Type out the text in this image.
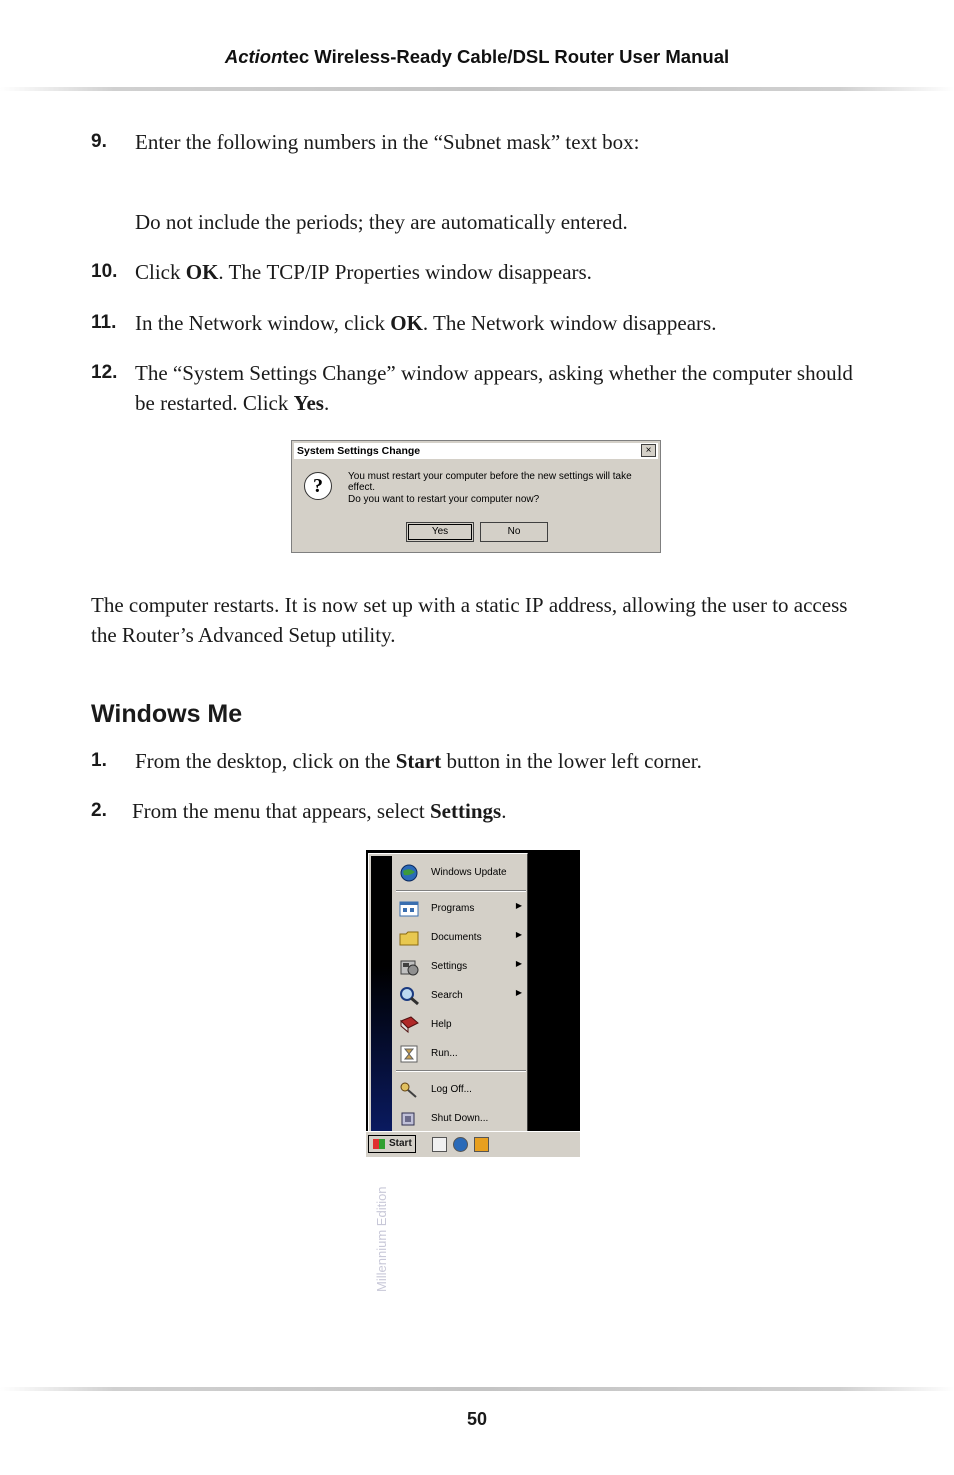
Actiontec Wireless-Ready Cable/DSL Router User Manual
9. Enter the following numbers in the “Subnet mask” text box:
Do not include the periods; they are automatically entered.
10. Click OK. The TCP/IP Properties window disappears.
11. In the Network window, click OK. The Network window disappears.
12. The “System Settings Change” window appears, asking whether the computer should be restarted. Click Yes.
System Settings Change	×
?	You must restart your computer before the new settings will take effect.
Do you want to restart your computer now?
Yes	No
The computer restarts. It is now set up with a static IP address, allowing the user to access the Router’s Advanced Setup utility.
Windows Me
1. From the desktop, click on the Start button in the lower left corner.
2. From the menu that appears, select Settings.
WindowsMe Millennium Edition
Windows Update
Programs	▶
Documents	▶
Settings	▶
Search	▶
Help
Run...
Log Off...
Shut Down...
Start
50
